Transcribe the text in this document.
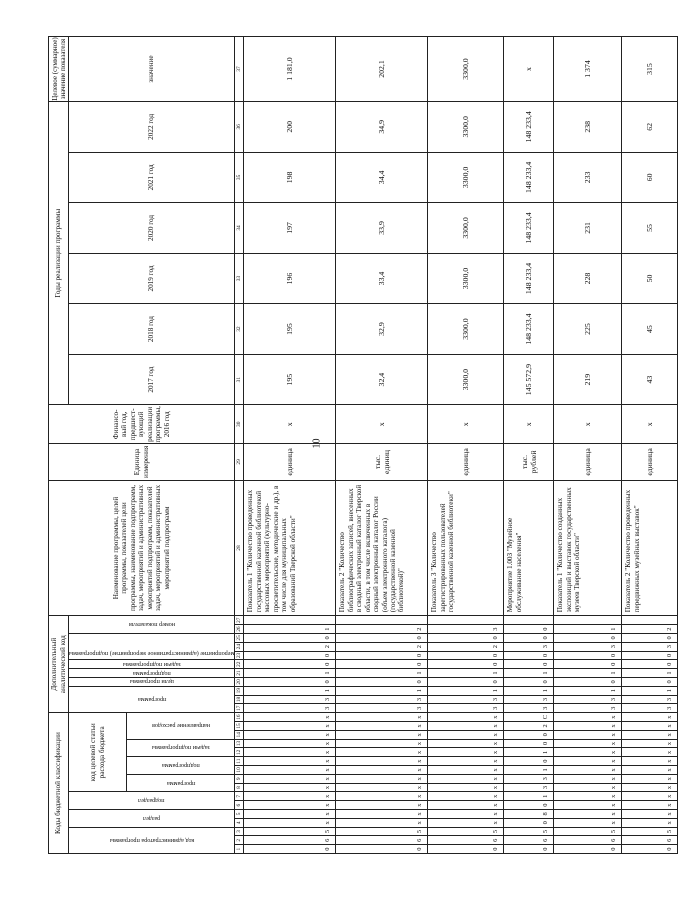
10
Коды бюджетной классификации																Дополнительный аналитический код											Наименование программы, целей программы, показателей цели программы, наименование подпрограмм, задач, мероприятий и административных мероприятий подпрограмм, показателей задач, мероприятий и административных мероприятий подпрограмм	Единица измерения	Финансо-вый год, предшест-вующий реализации программы, 2016 год	Годы реализации программы						Целевое (суммарное) значение показателя

код администратора программы			раздел		подраздел		код целевой статьи расхода бюджета									программа			цели программы	подпрограмма	задачи подпрограммы	мероприятие (административное мероприятие) подпрограммы			номер показателя					2017 год	2018 год	2019 год	2020 год	2021 год	2022 год	значение

							программа		подпрограмма		задачи подпрограммы		направление расходов																							

1	2	3	4	5	6	7	8	9	10	11	12	13	14	15	16	17	18	19	20	21	22	23	24	25	26	27	28	29	30	31	32	33	34	35	36	37
0	6	5	x	x	x	x	x	x	x	x	x	x	x	x	x	3	3	1	0	1	0	0	2	0	1		Показатель 1 "Количество проведенных государственной казенной библиотекой массовых мероприятий (культурно-просветительские, методические и др.), в том числе для муниципальных образований Тверской области"	единица	x	195	195	196	197	198	200	1 181,0
0	6	5	x	x	x	x	x	x	x	x	x	x	x	x	x	3	3	1	0	1	0	0	2	0	2		Показатель 2 "Количество библиографических записей, внесенных в сводный электронный каталог Тверской области, в том числе включенных в сводный электронный каталог России (объем электронного каталога) (государственной казенной библиотекой)"	тыс. единиц	x	32,4	32,9	33,4	33,9	34,4	34,9	202,1
0	6	5	x	x	x	x	x	x	x	x	x	x	x	x	x	3	3	1	0	1	0	0	2	0	3		Показатель 3 "Количество зарегистрированных пользователей государственной казенной библиотеки"	единица	x	3300,0	3300,0	3300,0	3300,0	3300,0	3300,0	3300,0
0	6	5	0	8	0	1	3	3	1	0	1	0	0	2	C	3	3	1	0	1	0	0	3	0	0		Мероприятие 1.003 "Музейное обслуживание населения"	тыс. рублей	x	145 572,9	148 233,4	148 233,4	148 233,4	148 233,4	148 233,4	x
0	6	5	x	x	x	x	x	x	x	x	x	x	x	x	x	3	3	1	0	1	0	0	3	0	1		Показатель 1 "Количество созданных экспозиций и выставок государственных музеев Тверской области"	единица	x	219	225	228	231	233	238	1 374
0	6	5	x	x	x	x	x	x	x	x	x	x	x	x	x	3	3	1	0	1	0	0	3	0	2		Показатель 2 "Количество проведенных передвижных музейных выставок"	единица	x	43	45	50	55	60	62	315
